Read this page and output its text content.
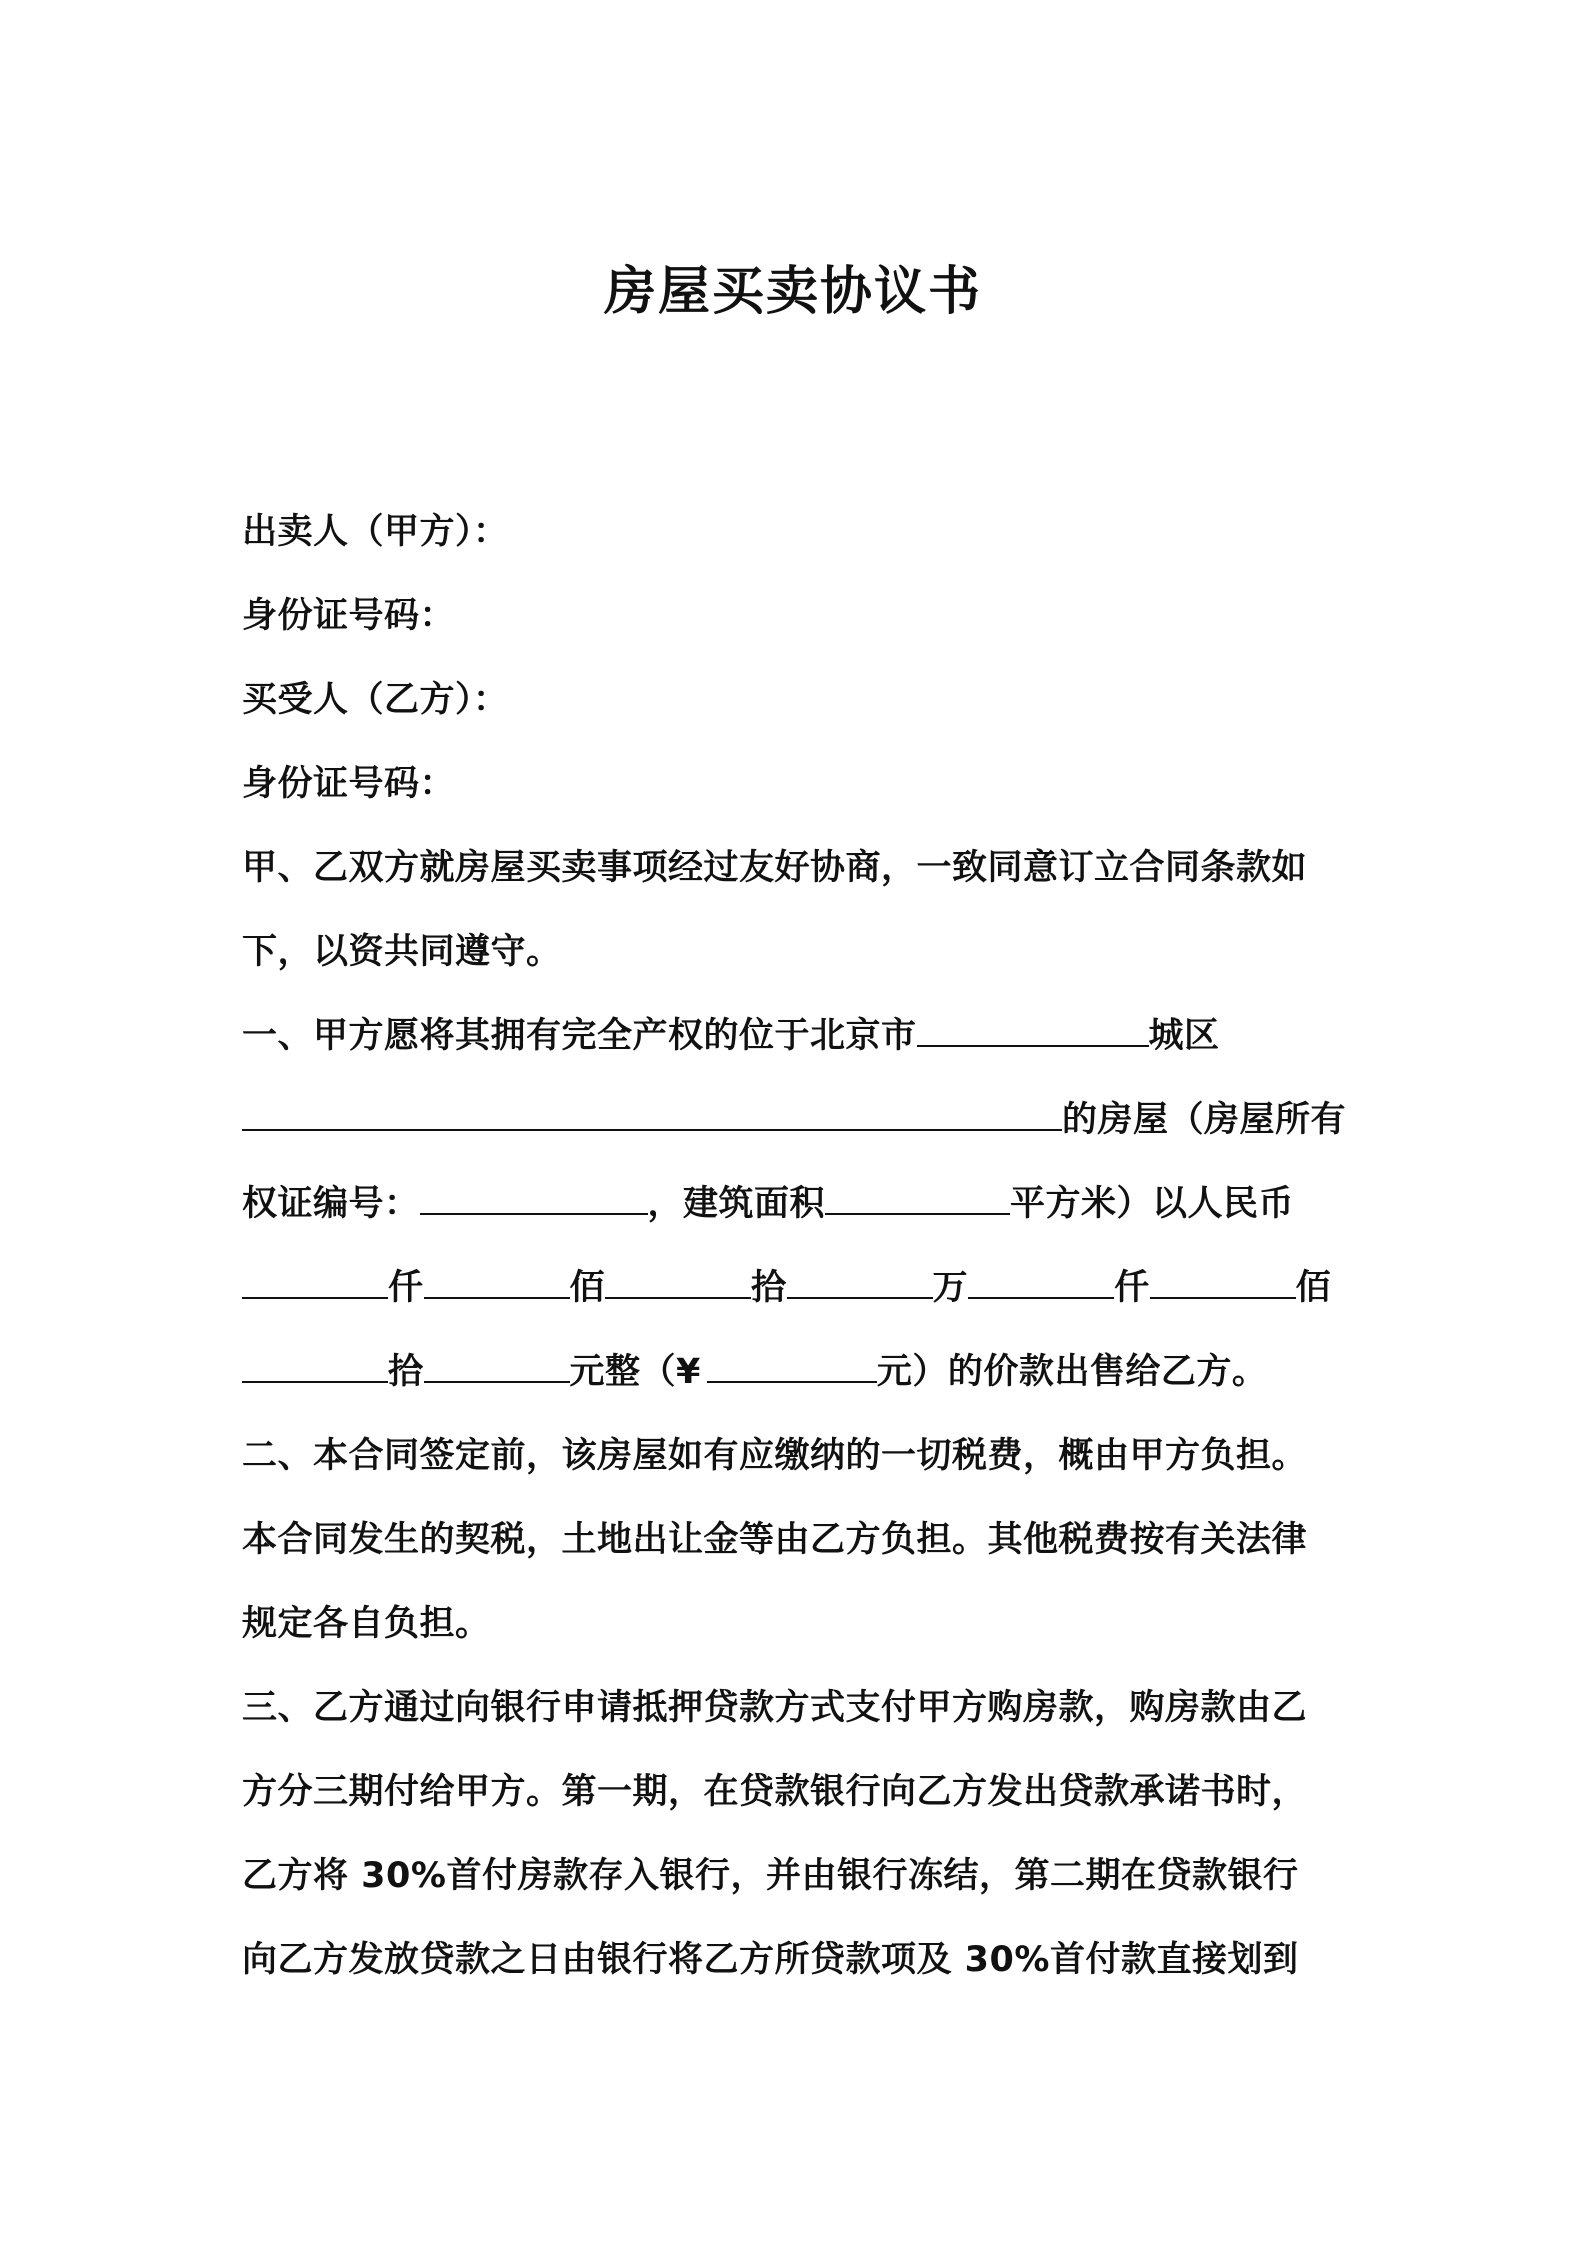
房屋买卖协议书
出卖人（甲方）：
身份证号码：
买受人（乙方）：
身份证号码：
甲、乙双方就房屋买卖事项经过友好协商，一致同意订立合同条款如
下，以资共同遵守。
一、甲方愿将其拥有完全产权的位于北京市	城区
的房屋（房屋所有
权证编号：	，建筑面积	平方米）以人民币
仟	佰	拾	万	仟	佰
拾	元整（¥	元）的价款出售给乙方。
二、本合同签定前，该房屋如有应缴纳的一切税费，概由甲方负担。
本合同发生的契税，土地出让金等由乙方负担。其他税费按有关法律
规定各自负担。
三、乙方通过向银行申请抵押贷款方式支付甲方购房款，购房款由乙
方分三期付给甲方。第一期，在贷款银行向乙方发出贷款承诺书时，
乙方将 30%首付房款存入银行，并由银行冻结，第二期在贷款银行
向乙方发放贷款之日由银行将乙方所贷款项及 30%首付款直接划到
